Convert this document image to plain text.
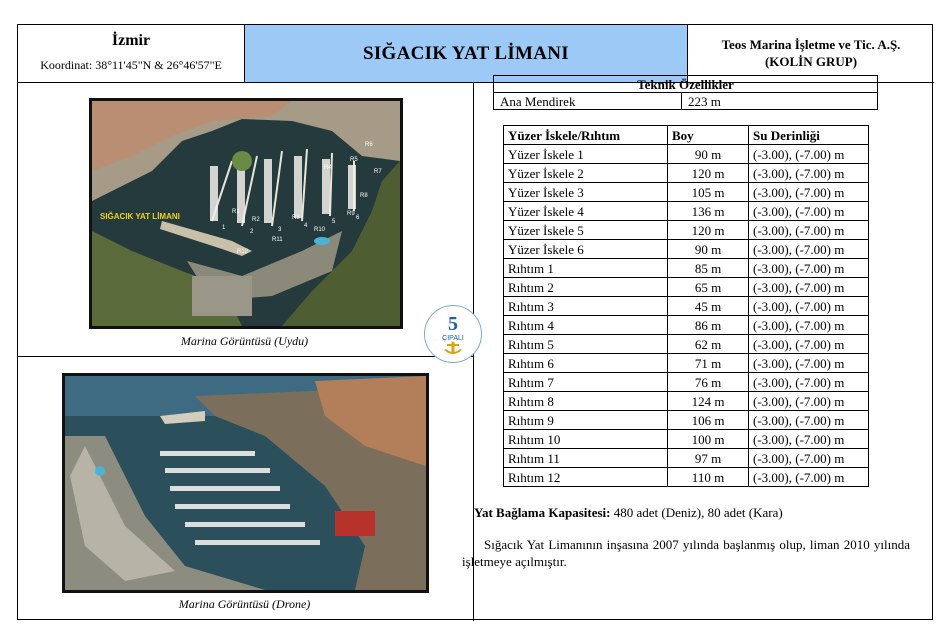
İzmir
Koordinat: 38°11'45"N & 26°46'57"E
SIĞACIK YAT LİMANI	Teos Marina İşletme ve Tic. A.Ş.
(KOLİN GRUP)
SIĞACIK YAT LİMANI
R6
R5
R4
R7
R1
R8
R9
R12
R11
R10
R2	R3
1
2	3
4
5
6
Marina Görüntüsü (Uydu)
Marina Görüntüsü (Drone)
5
ÇIPALI
Teknik Özellikler
Ana Mendirek	223 m
Yüzer İskele/Rıhtım	Boy	Su Derinliği
Yüzer İskele 1	90 m	(-3.00), (-7.00) m
Yüzer İskele 2	120 m	(-3.00), (-7.00) m
Yüzer İskele 3	105 m	(-3.00), (-7.00) m
Yüzer İskele 4	136 m	(-3.00), (-7.00) m
Yüzer İskele 5	120 m	(-3.00), (-7.00) m
Yüzer İskele 6	90 m	(-3.00), (-7.00) m
Rıhtım 1	85 m	(-3.00), (-7.00) m
Rıhtım 2	65 m	(-3.00), (-7.00) m
Rıhtım 3	45 m	(-3.00), (-7.00) m
Rıhtım 4	86 m	(-3.00), (-7.00) m
Rıhtım 5	62 m	(-3.00), (-7.00) m
Rıhtım 6	71 m	(-3.00), (-7.00) m
Rıhtım 7	76 m	(-3.00), (-7.00) m
Rıhtım 8	124 m	(-3.00), (-7.00) m
Rıhtım 9	106 m	(-3.00), (-7.00) m
Rıhtım 10	100 m	(-3.00), (-7.00) m
Rıhtım 11	97 m	(-3.00), (-7.00) m
Rıhtım 12	110 m	(-3.00), (-7.00) m
Yat Bağlama Kapasitesi: 480 adet (Deniz), 80 adet (Kara)
Sığacık Yat Limanının inşasına 2007 yılında başlanmış olup, liman 2010 yılında işletmeye açılmıştır.
